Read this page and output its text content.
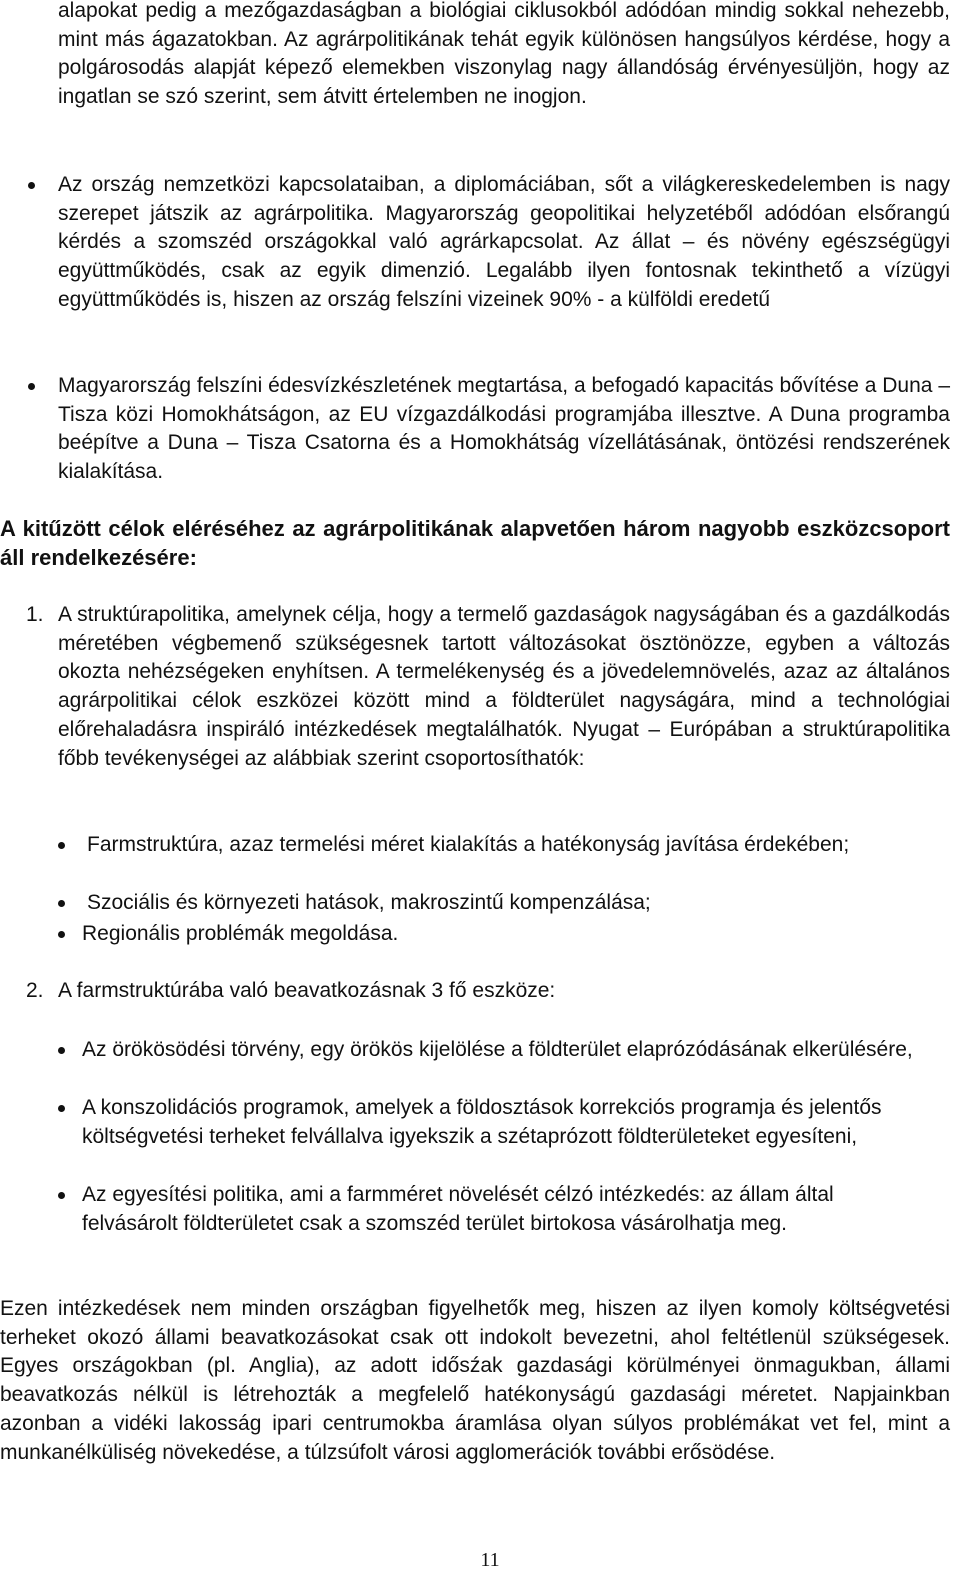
alapokat pedig a mezőgazdaságban a biológiai ciklusokból adódóan mindig sokkal nehezebb, mint más ágazatokban. Az agrárpolitikának tehát egyik különösen hangsúlyos kérdése, hogy a polgárosodás alapját képező elemekben viszonylag nagy állandóság érvényesüljön, hogy az ingatlan se szó szerint, sem átvitt értelemben ne inogjon.

Az ország nemzetközi kapcsolataiban, a diplomáciában, sőt a világkereskedelemben is nagy szerepet játszik az agrárpolitika. Magyarország geopolitikai helyzetéből adódóan elsőrangú kérdés a szomszéd országokkal való agrárkapcsolat. Az állat – és növény egészségügyi együttműködés, csak az egyik dimenzió. Legalább ilyen fontosnak tekinthető a vízügyi együttműködés is, hiszen az ország felszíni vizeinek 90% - a külföldi eredetű

Magyarország felszíni édesvízkészletének megtartása, a befogadó kapacitás bővítése a Duna – Tisza közi Homokhátságon, az EU vízgazdálkodási programjába illesztve. A Duna programba beépítve a Duna – Tisza Csatorna és a Homokhátság vízellátásának, öntözési rendszerének kialakítása.

A kitűzött célok eléréséhez az agrárpolitikának alapvetően három nagyobb eszközcsoport áll rendelkezésére:

1. A struktúrapolitika, amelynek célja, hogy a termelő gazdaságok nagyságában és a gazdálkodás méretében végbemenő szükségesnek tartott változásokat ösztönözze, egyben a változás okozta nehézségeken enyhítsen. A termelékenység és a jövedelemnövelés, azaz az általános agrárpolitikai célok eszközei között mind a földterület nagyságára, mind a technológiai előrehaladásra inspiráló intézkedések megtalálhatók. Nyugat – Európában a struktúrapolitika főbb tevékenységei az alábbiak szerint csoportosíthatók:

Farmstruktúra, azaz termelési méret kialakítás a hatékonyság javítása érdekében;

Szociális és környezeti hatások, makroszintű kompenzálása;

Regionális problémák megoldása.

2. A farmstruktúrába való beavatkozásnak 3 fő eszköze:

Az örökösödési törvény, egy örökös kijelölése a földterület elaprózódásának elkerülésére,

A konszolidációs programok, amelyek a földosztások korrekciós programja és jelentős költségvetési terheket felvállalva igyekszik a szétaprózott földterületeket egyesíteni,

Az egyesítési politika, ami a farmméret növelését célzó intézkedés: az állam által felvásárolt földterületet csak a szomszéd terület birtokosa vásárolhatja meg.

Ezen intézkedések nem minden országban figyelhetők meg, hiszen az ilyen komoly költségvetési terheket okozó állami beavatkozásokat csak ott indokolt bevezetni, ahol feltétlenül szükségesek. Egyes országokban (pl. Anglia), az adott idősźak gazdasági körülményei önmagukban, állami beavatkozás nélkül is létrehozták a megfelelő hatékonyságú gazdasági méretet. Napjainkban azonban a vidéki lakosság ipari centrumokba áramlása olyan súlyos problémákat vet fel, mint a munkanélküliség növekedése, a túlzsúfolt városi agglomerációk további erősödése.

11
